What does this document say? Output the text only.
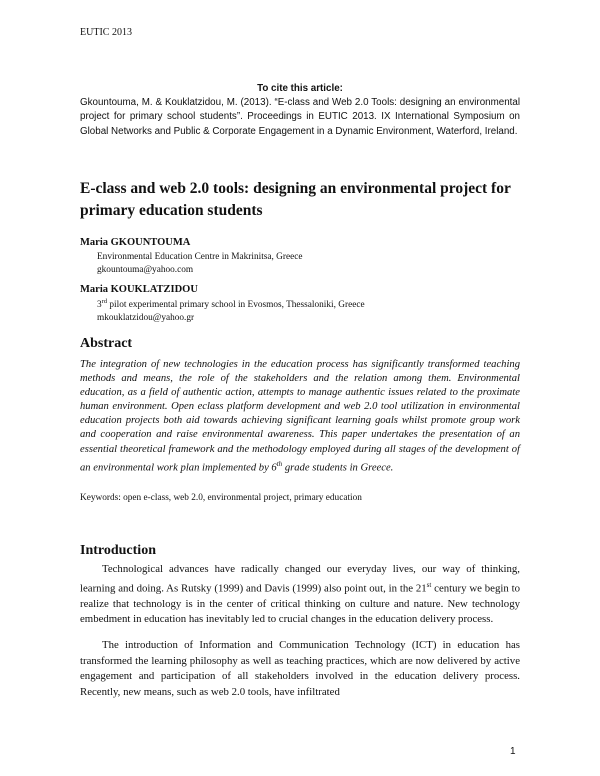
EUTIC 2013
To cite this article:
Gkountouma, M. & Kouklatzidou, M. (2013). “E-class and Web 2.0 Tools: designing an environmental project for primary school students”. Proceedings in EUTIC 2013. IX International Symposium on Global Networks and Public & Corporate Engagement in a Dynamic Environment, Waterford, Ireland.
E-class and web 2.0 tools: designing an environmental project for primary education students
Maria GKOUNTOUMA
Environmental Education Centre in Makrinitsa, Greece
gkountouma@yahoo.com
Maria KOUKLATZIDOU
3rd pilot experimental primary school in Evosmos, Thessaloniki, Greece
mkouklatzidou@yahoo.gr
Abstract
The integration of new technologies in the education process has significantly transformed teaching methods and means, the role of the stakeholders and the relation among them. Environmental education, as a field of authentic action, attempts to manage authentic issues related to the proximate human environment. Open eclass platform development and web 2.0 tool utilization in environmental education projects both aid towards achieving significant learning goals whilst promote group work and cooperation and raise environmental awareness. This paper undertakes the presentation of an essential theoretical framework and the methodology employed during all stages of the development of an environmental work plan implemented by 6th grade students in Greece.
Keywords: open e-class, web 2.0, environmental project, primary education
Introduction
Technological advances have radically changed our everyday lives, our way of thinking, learning and doing. As Rutsky (1999) and Davis (1999) also point out, in the 21st century we begin to realize that technology is in the center of critical thinking on culture and nature. New technology embedment in education has inevitably led to crucial changes in the education delivery process.
The introduction of Information and Communication Technology (ICT) in education has transformed the learning philosophy as well as teaching practices, which are now delivered by active engagement and participation of all stakeholders involved in the education delivery process. Recently, new means, such as web 2.0 tools, have infiltrated
1
